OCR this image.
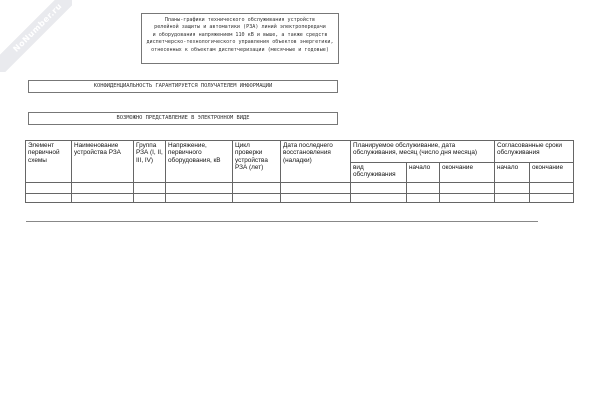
NoNumber.ru	Планы-графики технического обслуживания устройств
релейной защиты и автоматики (РЗА) линий электропередачи
и оборудования напряжением 110 кВ и выше, а также средств
диспетчерско-технологического управления объектов энергетики,
отнесенных к объектам диспетчеризации (месячные и годовые)
КОНФИДЕНЦИАЛЬНОСТЬ ГАРАНТИРУЕТСЯ ПОЛУЧАТЕЛЕМ ИНФОРМАЦИИ
ВОЗМОЖНО ПРЕДСТАВЛЕНИЕ В ЭЛЕКТРОННОМ ВИДЕ
Элемент первичной схемы	Наименование устройства РЗА	Группа РЗА (I, II, III, IV)	Напряжение, первичного оборудования, кВ	Цикл проверки устройства РЗА (лет)	Дата последнего восстановления (наладки)	Планируемое обслуживание, дата обслуживания, месяц (число дня месяца)			Согласованные сроки обслуживания	
						вид обслуживания	начало	окончание	начало	окончание
